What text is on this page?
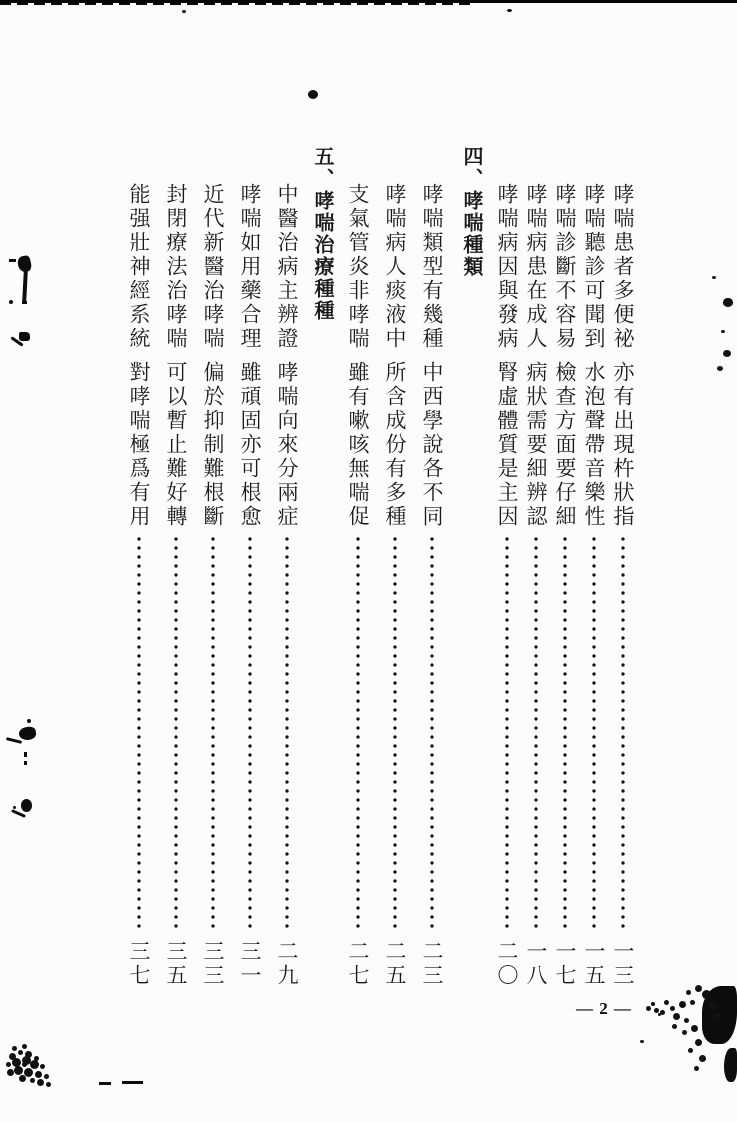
哮喘患者多便祕
亦有出現杵狀指
一三
哮喘聽診可聞到
水泡聲帶音樂性
一五
哮喘診斷不容易
檢查方面要仔細
一七
哮喘病患在成人
病狀需要細辨認
一八
哮喘病因與發病
腎虛體質是主因
二〇
四、哮喘種類
哮喘類型有幾種
中西學說各不同
二三
哮喘病人痰液中
所含成份有多種
二五
支氣管炎非哮喘
雖有嗽咳無喘促
二七
五、哮喘治療種種
中醫治病主辨證
哮喘向來分兩症
二九
哮喘如用藥合理
雖頑固亦可根愈
三一
近代新醫治哮喘
偏於抑制難根斷
三三
封閉療法治哮喘
可以暫止難好轉
三五
能强壯神經系統
對哮喘極爲有用
三七
— 2 —
